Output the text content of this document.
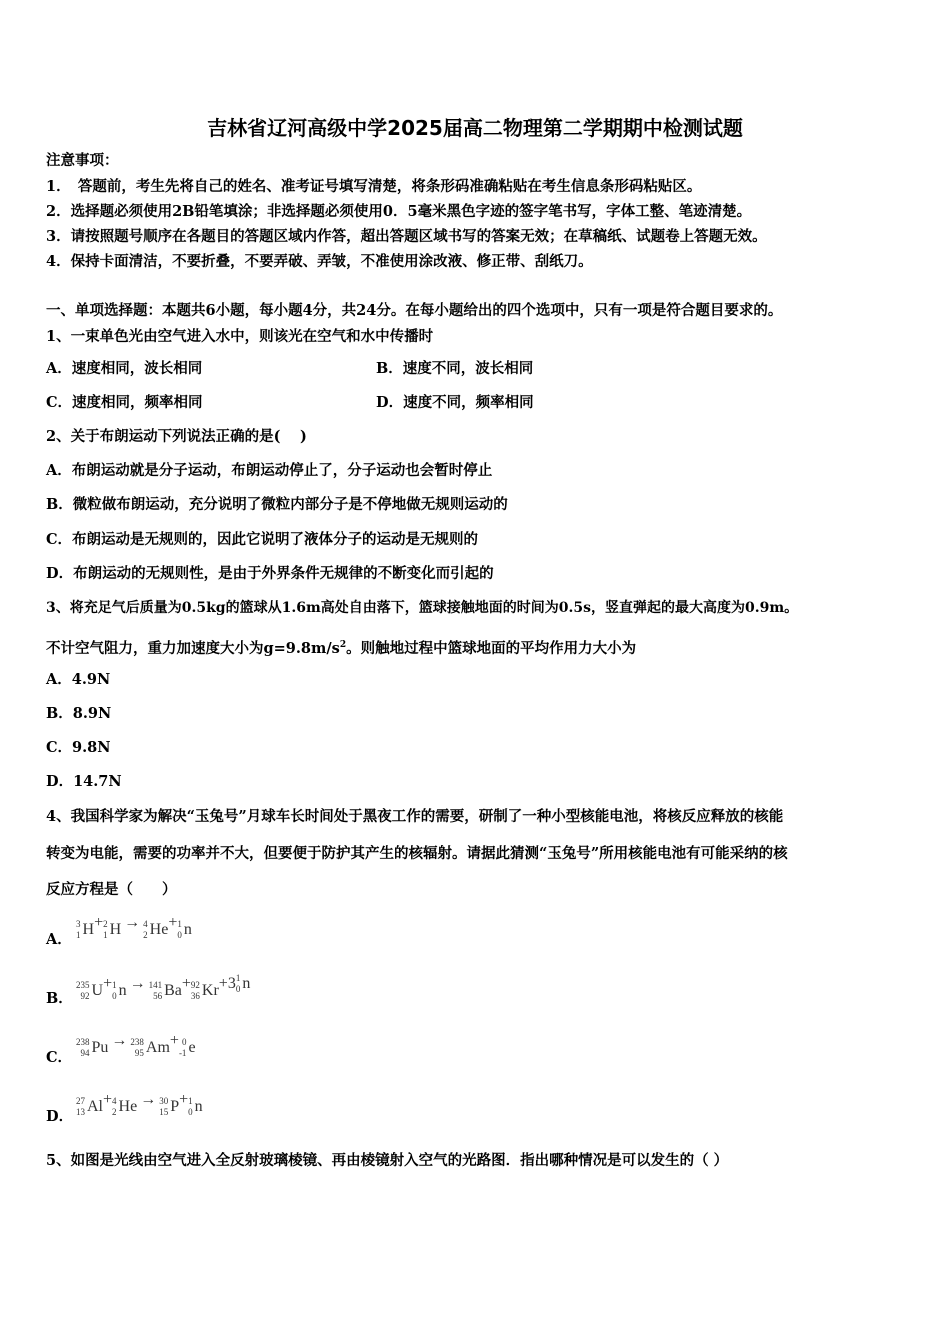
吉林省辽河高级中学2025届高二物理第二学期期中检测试题
注意事项：
1．　答题前，考生先将自己的姓名、准考证号填写清楚，将条形码准确粘贴在考生信息条形码粘贴区。
2．选择题必须使用2B铅笔填涂；非选择题必须使用0．5毫米黑色字迹的签字笔书写，字体工整、笔迹清楚。
3．请按照题号顺序在各题目的答题区域内作答，超出答题区域书写的答案无效；在草稿纸、试题卷上答题无效。
4．保持卡面清洁，不要折叠，不要弄破、弄皱，不准使用涂改液、修正带、刮纸刀。
一、单项选择题：本题共6小题，每小题4分，共24分。在每小题给出的四个选项中，只有一项是符合题目要求的。
1、一束单色光由空气进入水中，则该光在空气和水中传播时
A．速度相同，波长相同	B．速度不同，波长相同
C．速度相同，频率相同	D．速度不同，频率相同
2、关于布朗运动下列说法正确的是(　 )
A．布朗运动就是分子运动，布朗运动停止了，分子运动也会暂时停止
B．微粒做布朗运动，充分说明了微粒内部分子是不停地做无规则运动的
C．布朗运动是无规则的，因此它说明了液体分子的运动是无规则的
D．布朗运动的无规则性，是由于外界条件无规律的不断变化而引起的
3、将充足气后质量为0.5kg的篮球从1.6m高处自由落下，篮球接触地面的时间为0.5s，竖直弹起的最大高度为0.9m。
不计空气阻力，重力加速度大小为$g=9.8m/s^2$。则触地过程中篮球地面的平均作用力大小为
A．4.9N
B．8.9N
C．9.8N
D．14.7N
4、我国科学家为解决“玉兔号”月球车长时间处于黑夜工作的需要，研制了一种小型核能电池，将核反应释放的核能
转变为电能，需要的功率并不大，但要便于防护其产生的核辐射。请据此猜测“玉兔号”所用核能电池有可能采纳的核
反应方程是（　　）
A．
3
1 H + 2
1 H → 4
2 He + 1
0 n
B．
235
92 U + 1
0 n → 141
56 Ba + 92
36 Kr + 3 1
0 n
C．
238
94 Pu → 238
95 Am + 0
-1 e
D．
27
13 Al + 4
2 He → 30
15 P + 1
0 n
5、如图是光线由空气进入全反射玻璃棱镜、再由棱镜射入空气的光路图．指出哪种情况是可以发生的（ ）
